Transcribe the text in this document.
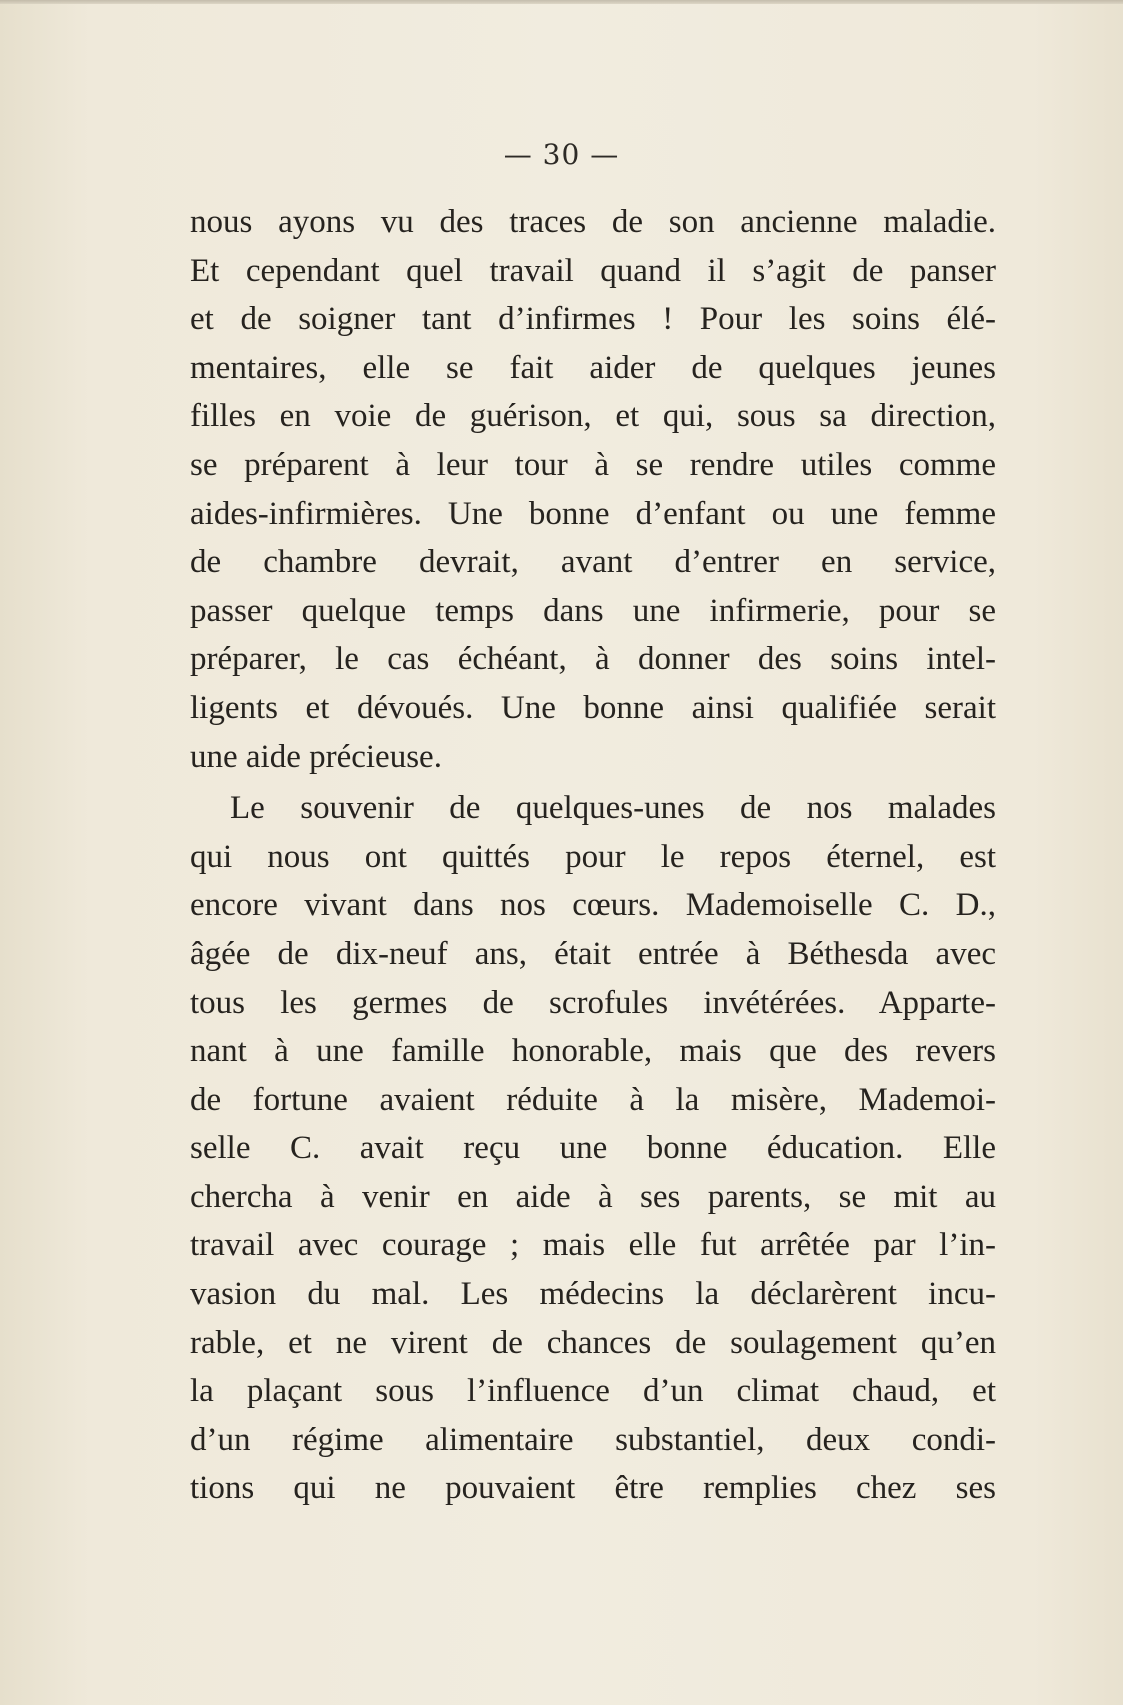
— 30 —
nous ayons vu des traces de son ancienne maladie.
Et cependant quel travail quand il s’agit de panser
et de soigner tant d’infirmes ! Pour les soins élé-
mentaires, elle se fait aider de quelques jeunes
filles en voie de guérison, et qui, sous sa direction,
se préparent à leur tour à se rendre utiles comme
aides-infirmières. Une bonne d’enfant ou une femme
de chambre devrait, avant d’entrer en service,
passer quelque temps dans une infirmerie, pour se
préparer, le cas échéant, à donner des soins intel-
ligents et dévoués. Une bonne ainsi qualifiée serait
une aide précieuse.
Le souvenir de quelques-unes de nos malades
qui nous ont quittés pour le repos éternel, est
encore vivant dans nos cœurs. Mademoiselle C. D.,
âgée de dix-neuf ans, était entrée à Béthesda avec
tous les germes de scrofules invétérées. Apparte-
nant à une famille honorable, mais que des revers
de fortune avaient réduite à la misère, Mademoi-
selle C. avait reçu une bonne éducation. Elle
chercha à venir en aide à ses parents, se mit au
travail avec courage ; mais elle fut arrêtée par l’in-
vasion du mal. Les médecins la déclarèrent incu-
rable, et ne virent de chances de soulagement qu’en
la plaçant sous l’influence d’un climat chaud, et
d’un régime alimentaire substantiel, deux condi-
tions qui ne pouvaient être remplies chez ses
